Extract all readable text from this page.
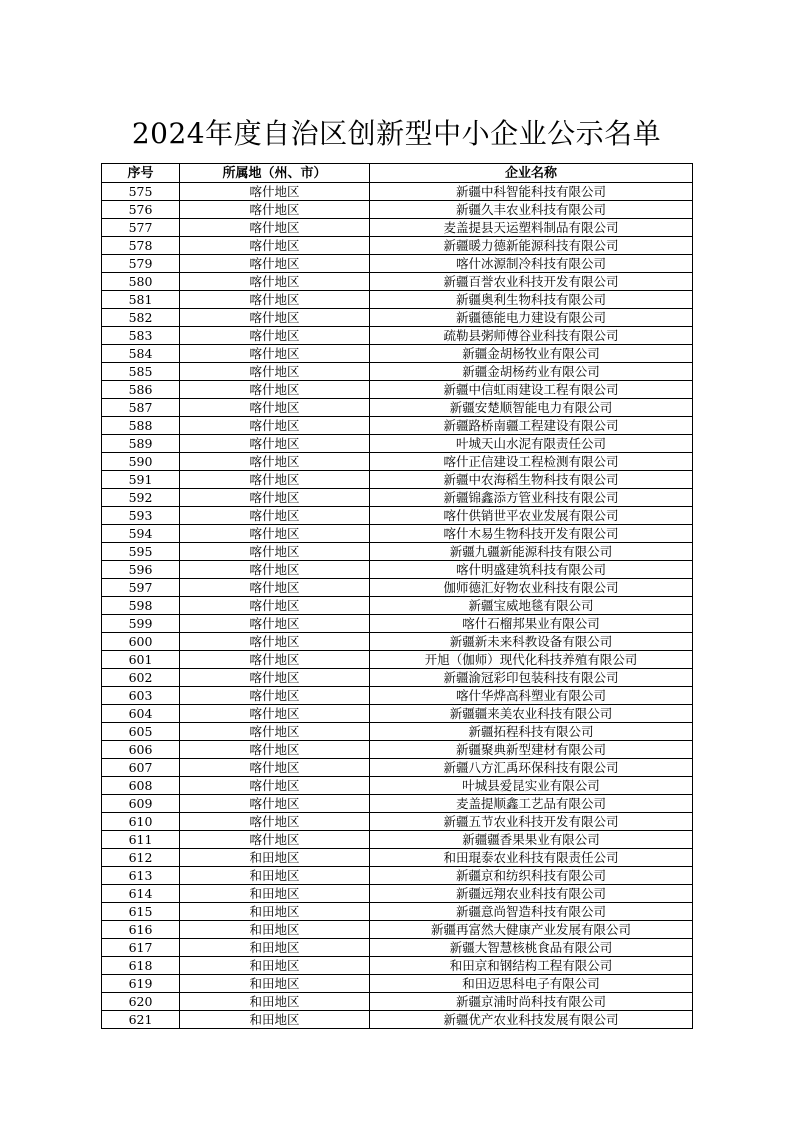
2024年度自治区创新型中小企业公示名单
序号	所属地（州、市）	企业名称
575	喀什地区	新疆中科智能科技有限公司
576	喀什地区	新疆久丰农业科技有限公司
577	喀什地区	麦盖提县天运塑料制品有限公司
578	喀什地区	新疆暖力德新能源科技有限公司
579	喀什地区	喀什冰源制冷科技有限公司
580	喀什地区	新疆百誉农业科技开发有限公司
581	喀什地区	新疆奥利生物科技有限公司
582	喀什地区	新疆德能电力建设有限公司
583	喀什地区	疏勒县粥师傅谷业科技有限公司
584	喀什地区	新疆金胡杨牧业有限公司
585	喀什地区	新疆金胡杨药业有限公司
586	喀什地区	新疆中信虹雨建设工程有限公司
587	喀什地区	新疆安楚顺智能电力有限公司
588	喀什地区	新疆路桥南疆工程建设有限公司
589	喀什地区	叶城天山水泥有限责任公司
590	喀什地区	喀什正信建设工程检测有限公司
591	喀什地区	新疆中农海稻生物科技有限公司
592	喀什地区	新疆锦鑫添方管业科技有限公司
593	喀什地区	喀什供销世平农业发展有限公司
594	喀什地区	喀什木易生物科技开发有限公司
595	喀什地区	新疆九疆新能源科技有限公司
596	喀什地区	喀什明盛建筑科技有限公司
597	喀什地区	伽师德汇好物农业科技有限公司
598	喀什地区	新疆宝威地毯有限公司
599	喀什地区	喀什石榴邦果业有限公司
600	喀什地区	新疆新未来科教设备有限公司
601	喀什地区	开旭（伽师）现代化科技养殖有限公司
602	喀什地区	新疆渝冠彩印包装科技有限公司
603	喀什地区	喀什华烨高科塑业有限公司
604	喀什地区	新疆疆来美农业科技有限公司
605	喀什地区	新疆拓程科技有限公司
606	喀什地区	新疆聚典新型建材有限公司
607	喀什地区	新疆八方汇禹环保科技有限公司
608	喀什地区	叶城县爱昆实业有限公司
609	喀什地区	麦盖提顺鑫工艺品有限公司
610	喀什地区	新疆五节农业科技开发有限公司
611	喀什地区	新疆疆香果果业有限公司
612	和田地区	和田琨泰农业科技有限责任公司
613	和田地区	新疆京和纺织科技有限公司
614	和田地区	新疆远翔农业科技有限公司
615	和田地区	新疆意尚智造科技有限公司
616	和田地区	新疆再富然大健康产业发展有限公司
617	和田地区	新疆大智慧核桃食品有限公司
618	和田地区	和田京和钢结构工程有限公司
619	和田地区	和田迈思科电子有限公司
620	和田地区	新疆京浦时尚科技有限公司
621	和田地区	新疆优产农业科技发展有限公司
